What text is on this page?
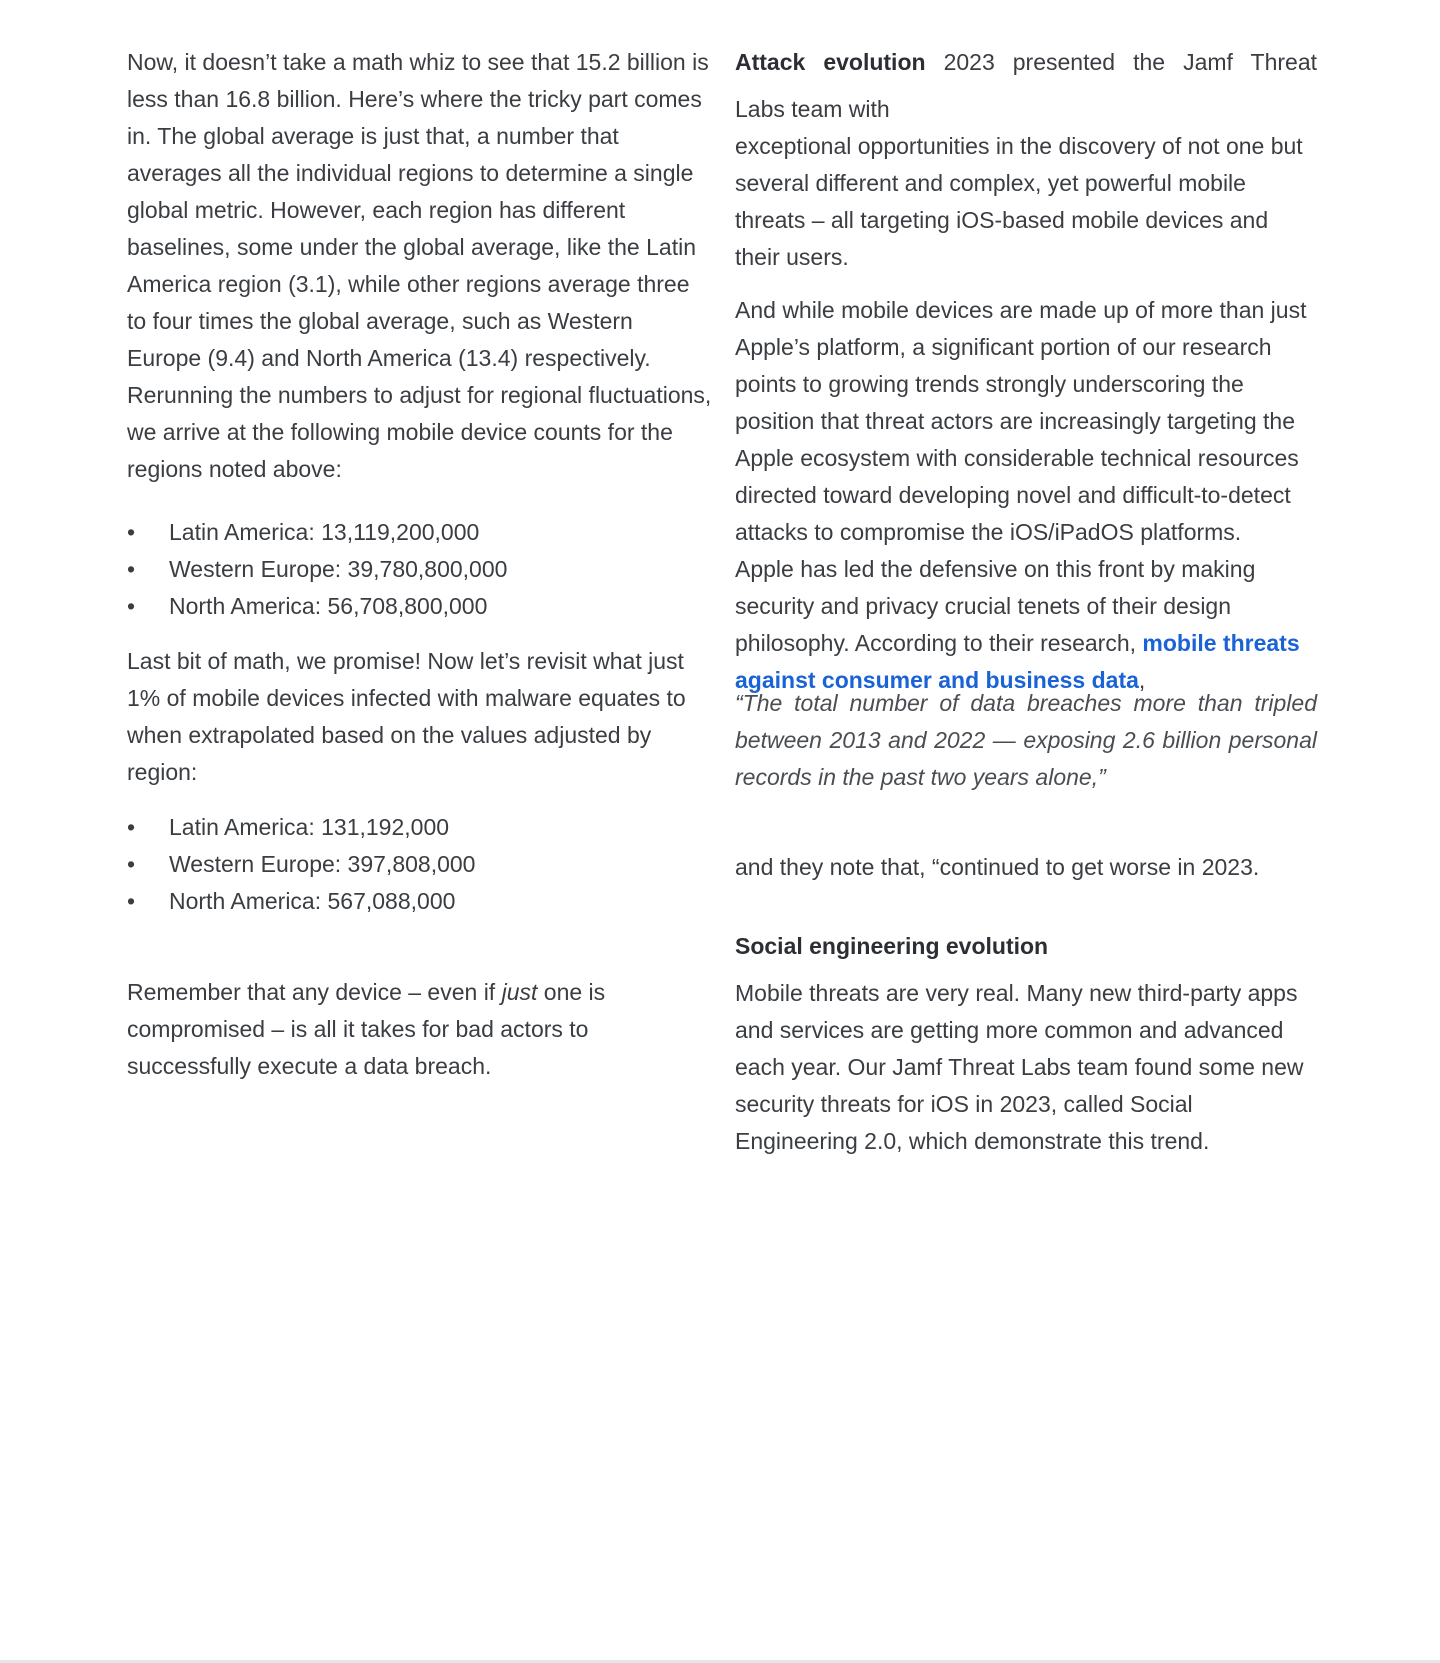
Now, it doesn’t take a math whiz to see that 15.2 billion is less than 16.8 billion. Here’s where the tricky part comes in. The global average is just that, a number that averages all the individual regions to determine a single global metric. However, each region has different baselines, some under the global average, like the Latin America region (3.1), while other regions average three to four times the global average, such as Western Europe (9.4) and North America (13.4) respectively. Rerunning the numbers to adjust for regional fluctuations, we arrive at the following mobile device counts for the regions noted above:

• Latin America: 13,119,200,000
• Western Europe: 39,780,800,000
• North America: 56,708,800,000

Last bit of math, we promise! Now let’s revisit what just 1% of mobile devices infected with malware equates to when extrapolated based on the values adjusted by region:

• Latin America: 131,192,000
• Western Europe: 397,808,000
• North America: 567,088,000

Remember that any device – even if just one is compromised – is all it takes for bad actors to successfully execute a data breach.

Attack evolution 2023 presented the Jamf Threat

Labs team with

exceptional opportunities in the discovery of not one but several different and complex, yet powerful mobile threats – all targeting iOS-based mobile devices and their users.

And while mobile devices are made up of more than just Apple’s platform, a significant portion of our research points to growing trends strongly underscoring the position that threat actors are increasingly targeting the Apple ecosystem with considerable technical resources directed toward developing novel and difficult-to-detect attacks to compromise the iOS/iPadOS platforms.

Apple has led the defensive on this front by making security and privacy crucial tenets of their design philosophy. According to their research, mobile threats against consumer and business data,

“The total number of data breaches more than tripled between 2013 and 2022 — exposing 2.6 billion personal records in the past two years alone,”

and they note that, “continued to get worse in 2023.

Social engineering evolution

Mobile threats are very real. Many new third-party apps and services are getting more common and advanced each year. Our Jamf Threat Labs team found some new security threats for iOS in 2023, called Social Engineering 2.0, which demonstrate this trend.
